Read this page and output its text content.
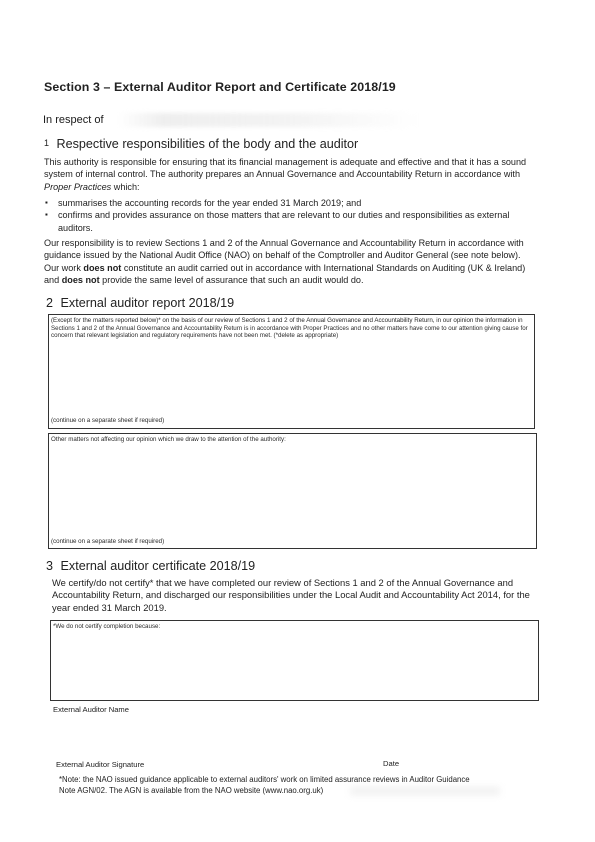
Section 3 – External Auditor Report and Certificate 2018/19
In respect of
1 Respective responsibilities of the body and the auditor
This authority is responsible for ensuring that its financial management is adequate and effective and that it has a sound system of internal control. The authority prepares an Annual Governance and Accountability Return in accordance with Proper Practices which:
▪ summarises the accounting records for the year ended 31 March 2019; and
▪ confirms and provides assurance on those matters that are relevant to our duties and responsibilities as external auditors.
Our responsibility is to review Sections 1 and 2 of the Annual Governance and Accountability Return in accordance with guidance issued by the National Audit Office (NAO) on behalf of the Comptroller and Auditor General (see note below). Our work does not constitute an audit carried out in accordance with International Standards on Auditing (UK & Ireland) and does not provide the same level of assurance that such an audit would do.
2 External auditor report 2018/19
(Except for the matters reported below)* on the basis of our review of Sections 1 and 2 of the Annual Governance and Accountability Return, in our opinion the information in Sections 1 and 2 of the Annual Governance and Accountability Return is in accordance with Proper Practices and no other matters have come to our attention giving cause for concern that relevant legislation and regulatory requirements have not been met. (*delete as appropriate)
(continue on a separate sheet if required)
Other matters not affecting our opinion which we draw to the attention of the authority:
(continue on a separate sheet if required)
3 External auditor certificate 2018/19
We certify/do not certify* that we have completed our review of Sections 1 and 2 of the Annual Governance and Accountability Return, and discharged our responsibilities under the Local Audit and Accountability Act 2014, for the year ended 31 March 2019.
*We do not certify completion because:
External Auditor Name
External Auditor Signature	Date
*Note: the NAO issued guidance applicable to external auditors' work on limited assurance reviews in Auditor Guidance Note AGN/02. The AGN is available from the NAO website (www.nao.org.uk)
